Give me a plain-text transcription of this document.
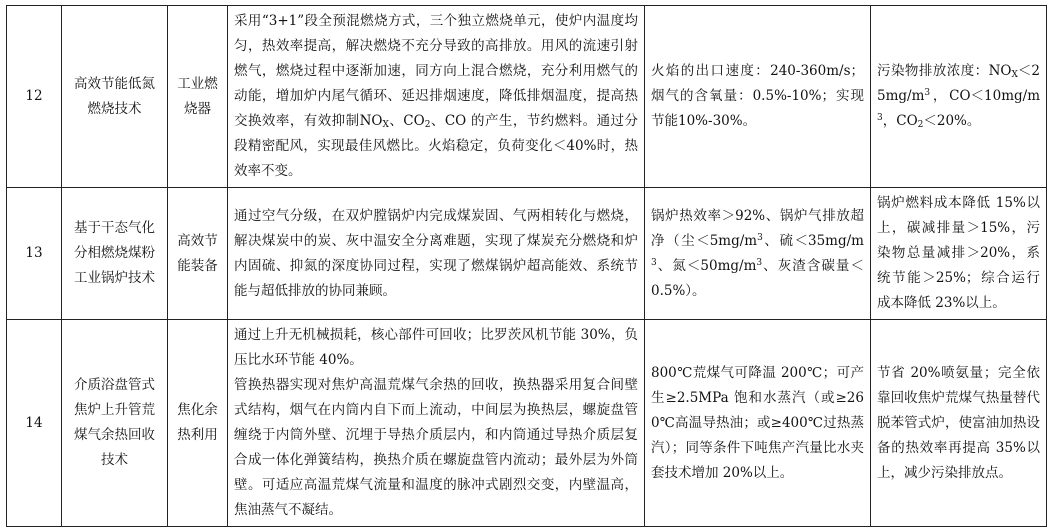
12	高效节能低氮燃烧技术	工业燃烧器	采用“3+1”段全预混燃烧方式，三个独立燃烧单元，使炉内温度均匀，热效率提高，解决燃烧不充分导致的高排放。用风的流速引射燃气，燃烧过程中逐渐加速，同方向上混合燃烧，充分利用燃气的动能，增加炉内尾气循环、延迟排烟速度，降低排烟温度，提高热交换效率，有效抑制$NO_X$、$CO_2$、CO 的产生，节约燃料。通过分段精密配风，实现最佳风燃比。火焰稳定，负荷变化＜40%时，热效率不变。	火焰的出口速度：240-360m/s；烟气的含氧量：0.5%-10%；实现节能10%-30%。	污染物排放浓度：$NO_X<25mg/m^3$，$CO<10mg/m^3$，$CO_2<20\%$。
13	基于干态气化分相燃烧煤粉工业锅炉技术	高效节能装备	通过空气分级，在双炉膛锅炉内完成煤炭固、气两相转化与燃烧，解决煤炭中的炭、灰中温安全分离难题，实现了煤炭充分燃烧和炉内固硫、抑氮的深度协同过程，实现了燃煤锅炉超高能效、系统节能与超低排放的协同兼顾。	锅炉热效率＞92%、锅炉气排放超净（尘$<5mg/m^3$、硫$<35mg/m^3$、氮$<50mg/m^3$、灰渣含碳量＜0.5%）。	锅炉燃料成本降低 15%以上，碳减排量＞15%，污染物总量减排＞20%，系统节能＞25%；综合运行成本降低 23%以上。
14	介质浴盘管式焦炉上升管荒煤气余热回收技术	焦化余热利用	通过上升无机械损耗，核心部件可回收；比罗茨风机节能 30%，负压比水环节能 40%。
管换热器实现对焦炉高温荒煤气余热的回收，换热器采用复合间壁式结构，烟气在内筒内自下而上流动，中间层为换热层，螺旋盘管缠绕于内筒外壁、沉埋于导热介质层内，和内筒通过导热介质层复合成一体化弹簧结构，换热介质在螺旋盘管内流动；最外层为外筒壁。可适应高温荒煤气流量和温度的脉冲式剧烈交变，内壁温高，焦油蒸气不凝结。	800℃荒煤气可降温 200℃；可产生≥2.5MPa 饱和水蒸汽（或≥260℃高温导热油；或≥400℃过热蒸汽）；同等条件下吨焦产汽量比水夹套技术增加 20%以上。	节省 20%喷氨量；完全依靠回收焦炉荒煤气热量替代脱苯管式炉，使富油加热设备的热效率再提高 35%以上，减少污染排放点。
